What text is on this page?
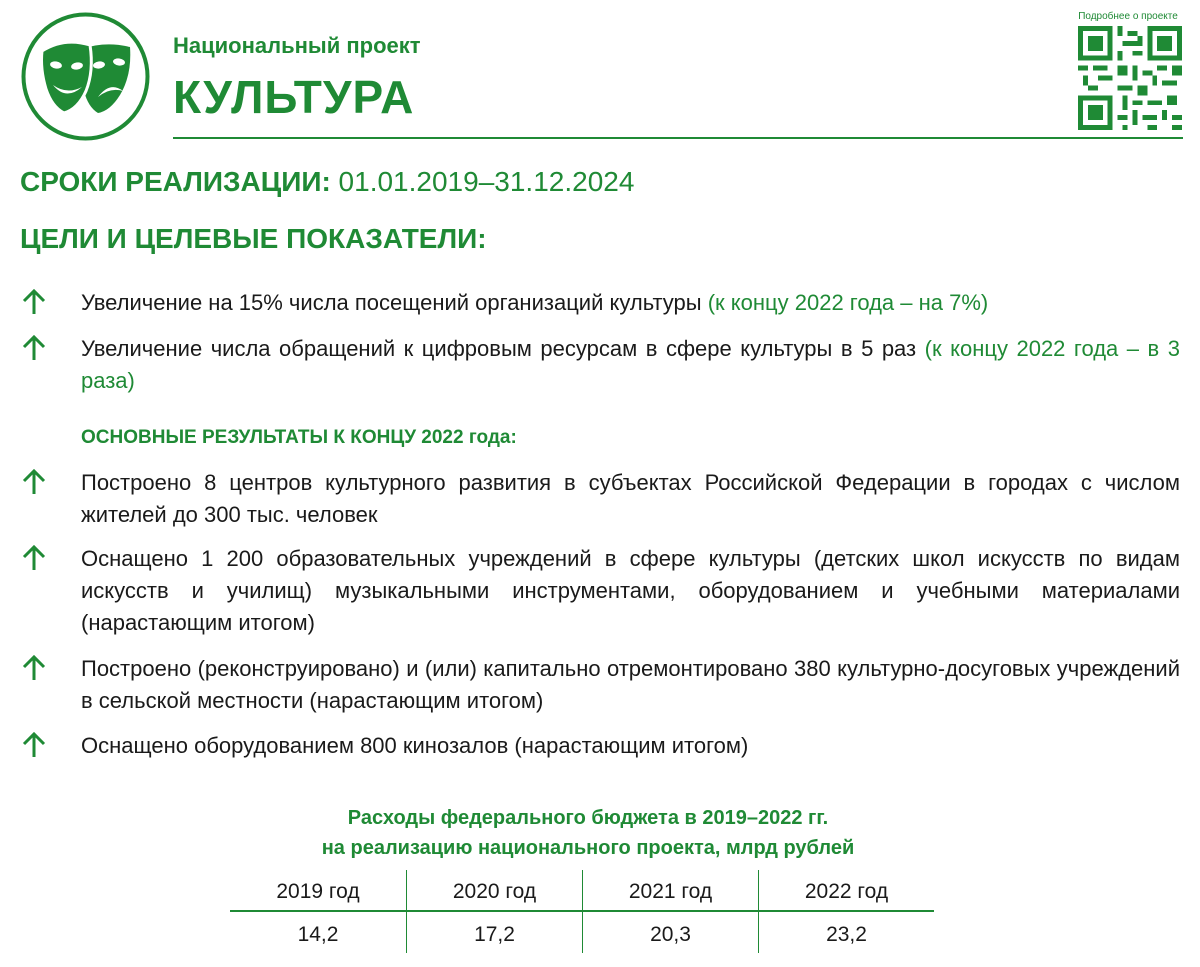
Национальный проект
КУЛЬТУРА
Подробнее о проекте
СРОКИ РЕАЛИЗАЦИИ: 01.01.2019–31.12.2024
ЦЕЛИ И ЦЕЛЕВЫЕ ПОКАЗАТЕЛИ:
Увеличение на 15% числа посещений организаций культуры (к концу 2022 года – на 7%)
Увеличение числа обращений к цифровым ресурсам в сфере культуры в 5 раз (к концу 2022 года – в 3 раза)
ОСНОВНЫЕ РЕЗУЛЬТАТЫ К КОНЦУ 2022 года:
Построено 8 центров культурного развития в субъектах Российской Федерации в городах с числом жителей до 300 тыс. человек
Оснащено 1 200 образовательных учреждений в сфере культуры (детских школ искусств по видам искусств и училищ) музыкальными инструментами, оборудованием и учебными материалами (нарастающим итогом)
Построено (реконструировано) и (или) капитально отремонтировано 380 культурно-досуговых учреждений в сельской местности (нарастающим итогом)
Оснащено оборудованием 800 кинозалов (нарастающим итогом)
Расходы федерального бюджета в 2019–2022 гг.
на реализацию национального проекта, млрд рублей
2019 год	2020 год	2021 год	2022 год
14,2	17,2	20,3	23,2
